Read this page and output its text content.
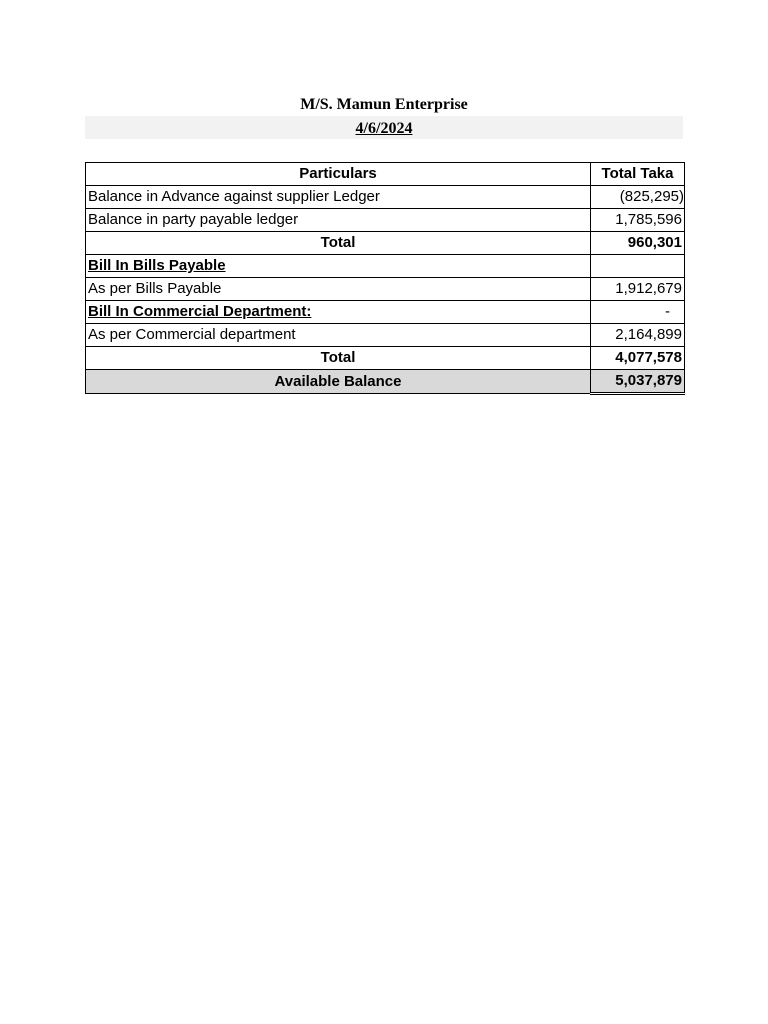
M/S. Mamun Enterprise
4/6/2024
Particulars	Total Taka
Balance in Advance against supplier Ledger	(825,295)
Balance in party payable ledger	1,785,596
Total	960,301
Bill In Bills Payable	
As per Bills Payable	1,912,679
Bill In Commercial Department:	-
As per Commercial department	2,164,899
Total	4,077,578
Available Balance	5,037,879
